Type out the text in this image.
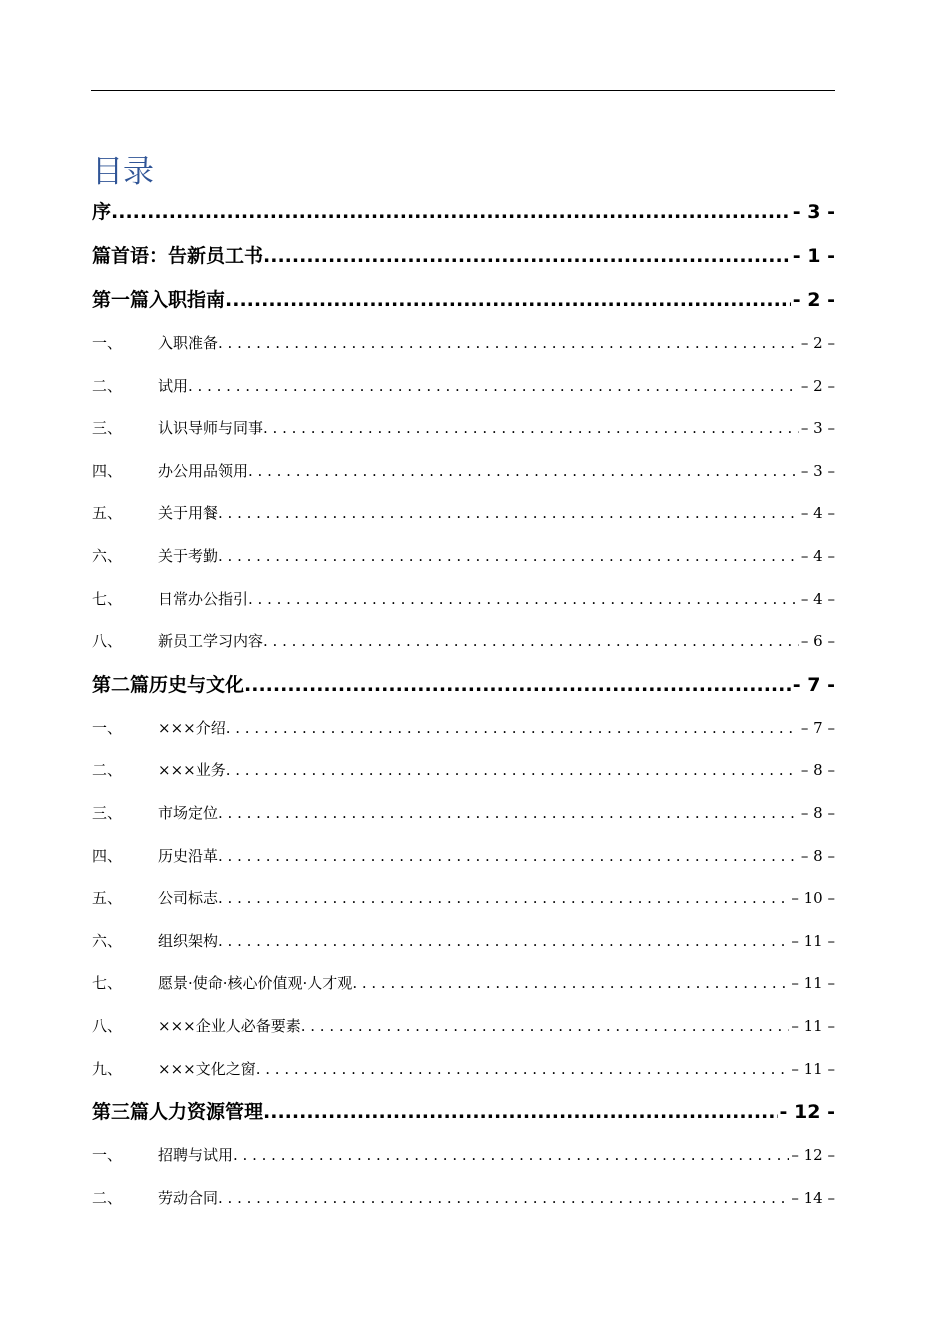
目录
序 .....	- 3 -
篇首语：告新员工书 .....	- 1 -
第一篇入职指南 .....	- 2 -
一、	入职准备 . . .	– 2 –
二、	试用 . . .	– 2 –
三、	认识导师与同事 . . .	– 3 –
四、	办公用品领用 . . .	– 3 –
五、	关于用餐 . . .	– 4 –
六、	关于考勤 . . .	– 4 –
七、	日常办公指引 . . .	– 4 –
八、	新员工学习内容 . . .	– 6 –
第二篇历史与文化 .....	- 7 -
一、	×××介绍 . . .	– 7 –
二、	×××业务 . . .	– 8 –
三、	市场定位 . . .	– 8 –
四、	历史沿革 . . .	– 8 –
五、	公司标志 . . .	– 10 –
六、	组织架构 . . .	– 11 –
七、	愿景·使命·核心价值观·人才观 . . .	– 11 –
八、	×××企业人必备要素 . . .	– 11 –
九、	×××文化之窗 . . .	– 11 –
第三篇人力资源管理 .....	- 12 -
一、	招聘与试用 . . .	– 12 –
二、	劳动合同 . . .	– 14 –
